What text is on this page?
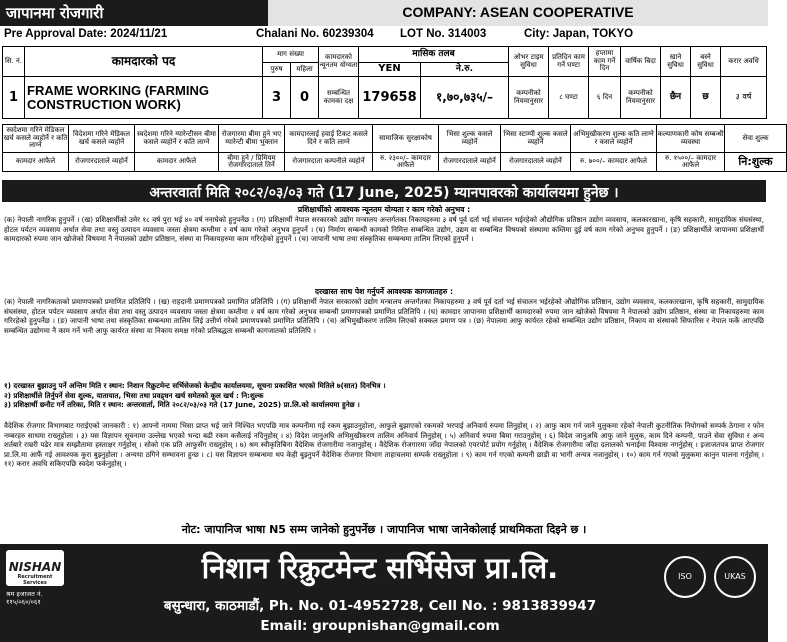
जापानमा रोजगारी	COMPANY: ASEAN COOPERATIVE
Pre Approval Date: 2024/11/21	Chalani No. 60239304 LOT No. 314003	City: Japan, TOKYO
सि. नं.	कामदारको पद	माग संख्या		कामदारको न्यूनतम योग्यता	मासिक तलब		ओभर टाइम सुविधा	प्रतिदिन काम गर्ने घण्टा	हप्तामा काम गर्ने दिन	वार्षिक बिदा	खाने सुविधा	बस्ने सुविधा	करार अवधि
		पुरुष	महिला		YEN	ने.रु.							
1	FRAME WORKING (FARMING CONSTRUCTION WORK)	3	0	सम्बन्धित कामका दक्ष	179658	१,७०,७३५/–	कम्पनीको नियमानुसार	८ घण्टा	६ दिन	कम्पनीको नियमानुसार	छैन	छ	३ वर्ष
स्वदेशमा गरिने मेडिकल खर्च कसले व्यहोर्ने र कति लाग्ने	विदेशमा गरिने मेडिकल खर्च कसले व्यहोर्ने	स्वदेशमा गरिने ग्यारेन्टीसन बीमा कसले व्यहोर्ने र कति लाग्ने	रोजगारमा बीमा हुने भए ग्यारेन्टी बीमा भुक्तान	कामदारलाई हवाई टिकट कसले दिने र कति लाग्ने	सामाजिक सुरक्षाकोष	भिसा शुल्क कसले व्यहोर्ने	भिसा स्टाम्पी शुल्क कसले व्यहोर्ने	अभिमुखीकरण शुल्क कति लाग्ने र कसले व्यहोर्ने	कल्याणकारी कोष सम्बन्धी व्यवस्था	सेवा शुल्क
कामदार आफैले	रोजगारदाताले व्यहोर्ने	कामदार आफैले	बीमा हुने / प्रिमियम रोजगारदाताले तिर्ने	रोजगारदाता कम्पनीले व्यहोर्ने	रु. २३००/– कामदार आफैले	रोजगारदाताले व्यहोर्ने	रोजगारदाताले व्यहोर्ने	रु. ७००/– कामदार आफैले	रु. १५००/– कामदार आफैले	नि:शुल्क
अन्तरवार्ता मिति २०८२/०३/०३ गते (17 June, 2025) म्यानपावरको कार्यालयमा हुनेछ ।
प्रशिक्षार्थीको आवश्यक न्यूनतम योग्यता र काम गरेको अनुभव :
(क) नेपाली नागरिक हुनुपर्ने । (ख) प्रशिक्षार्थीको उमेर १८ वर्ष पुरा भई ४० वर्ष ननाघेको हुनुपर्नेछ । (ग) प्रशिक्षार्थी नेपाल सरकारको उद्योग मन्त्रालय अन्तर्गतका निकायहरुमा ३ वर्ष पूर्व दर्ता भई संचालन भईरहेको औद्योगिक प्रतिष्ठान उद्योग व्यवसाय, कलकारखाना, कृषि सहकारी, सामुदायिक संघसंस्था, होटल पर्यटन व्यवसाय अर्थात सेवा तथा वस्तु उत्पादन व्यवसाय जस्ता क्षेत्रमा कम्तीमा २ वर्ष काम गरेको अनुभव हुनुपर्ने । (घ) निर्माण सम्बन्धी कामको निमित्त सम्बन्धित उद्योग, उद्यम वा सम्बन्धित विषयको संस्थामा कम्तिमा दुई वर्ष काम गरेको अनुभव हुनुपर्ने । (ङ) प्रशिक्षार्थीले जापानमा प्रशिक्षार्थी कामदारको रुपमा जान खोजेको विषयमा नै नेपालको उद्योग प्रतिष्ठान, संस्था वा निकायहरुमा काम गरिरहेको हुनुपर्ने । (च) जापानी भाषा तथा संस्कृतिका सम्बन्धमा तालिम लिएको हुनुपर्ने ।
दरखास्त साथ पेश गर्नुपर्ने आवश्यक कागजातहरु :
(क) नेपाली नागरिकताको प्रमाणपत्रको प्रमाणित प्रतिलिपि । (ख) राहदानी प्रमाणपत्रको प्रमाणित प्रतिलिपि । (ग) प्रशिक्षार्थी नेपाल सरकारको उद्योग मन्त्रालय अन्तर्गतका निकायहरुमा ३ वर्ष पूर्व दर्ता भई संचालन भईरहेको औद्योगिक प्रतिष्ठान, उद्योग व्यवसाय, कलकारखाना, कृषि सहकारी, सामुदायिक संघसंस्था, होटल पर्यटन व्यवसाय अर्थात सेवा तथा वस्तु उत्पादन व्यवसाय जस्ता क्षेत्रमा कम्तीमा २ वर्ष काम गरेको अनुभव सम्बन्धी प्रमाणपत्रको प्रमाणित प्रतिलिपि । (घ) कामदार जापानमा प्रशिक्षार्थी कामदारको रुपमा जान खोजेको विषयमा नै नेपालको उद्योग प्रतिष्ठान, संस्था वा निकायहरुमा काम गरिरहेको हुनुपर्नेछ । (ङ) जापानी भाषा तथा संस्कृतिका सम्बन्धमा तालिम लिई उत्तीर्ण गरेको प्रमाणपत्रको प्रमाणित प्रतिलिपि । (च) अभिमुखीकरण तालिम लिएको सक्कल प्रमाण पत्र । (छ) नेपालमा आफु कार्यरत रहेको सम्बन्धित उद्योग प्रतिष्ठान, निकाय वा संस्थाको सिफारिस र नेपाल फर्के आएपछि सम्बन्धित उद्योगमा नै काम गर्ने भनी आफु कार्यरत संस्था वा निकाय समक्ष गरेको प्रतिबद्धता सम्बन्धी कागजातको प्रतिलिपि ।
१) दरखास्त बुझाउनु पर्ने अन्तिम मिति र स्थान: निशान रिक्रुटमेन्ट सर्भिसेजको केन्द्रीय कार्यालयमा, सूचना प्रकाशित भएको मितिले ७(सात) दिनभित्र ।
२) प्रशिक्षार्थीले तिर्नुपर्ने सेवा शुल्क, यातायात, भिसा तथा प्रवद्र्धन खर्च समेतको कूल खर्च : नि:शुल्क
३) प्रशिक्षार्थी छनौट गर्ने तरिका, मिति र स्थान: अन्तरवार्ता, मिति २०८२/०३/०३ गते (17 June, 2025) प्रा.लि.को कार्यालयमा हुनेछ ।
वैदेशिक रोजगार विभागबाट गराईएको जानकारी : १) आफ्नो नाममा भिसा प्राप्त भई जाने निश्चित भएपछि मात्र कम्पनीमा गई रकम बुझाउनुहोला, आफुले बुझाएको रकमको भरपाई अनिवार्य रुपमा लिनुहोस् । २) आफु काम गर्न जाने मुलुकमा रहेको नेपाली कुटनीतिक नियोगको सम्पर्क ठेगाना र फोन नम्बरहरु साथमा राख्नुहोला । ३) यस विज्ञापन सूचनामा उल्लेख भएको भन्दा बढी रकम कसैलाई नदिनुहोस् । ४) विदेश जानुअघि अभिमुखीकरण तालिम अनिवार्य लिनुहोस् । ५) अनिवार्य रुपमा बिमा गराउनुहोस् । ६) विदेश जानुअघि आफु जाने मुलुक, काम दिने कम्पनी, पाउने सेवा सुविधा र अन्य शर्तबारे राम्ररी पढेर मात्र सम्झौतामा हस्ताक्षर गर्नुहोस् । सोको एक प्रति आफुसँग राख्नुहोस् । ७) श्रम स्वीकृतिबिना वैदेशिक रोजगारीमा नजानुहोस् । वैदेशिक रोजगारमा जाँदा नेपालको एयरपोर्ट प्रयोग गर्नुहोस् । वैदेशिक रोजगारीमा जाँदा दलालको भनाईमा विश्वास नगर्नुहोस् । इजाजतपत्र प्राप्त रोजगार प्रा.लि.मा आफैं गई आवश्यक कुरा बुझ्नुहोला । अन्यथा ठगिने सम्भावना हुन्छ । ८) यस विज्ञापन सम्बन्धमा थप केही बुझ्नुपर्ने वैदेशिक रोजगार विभाग ताहाचलमा सम्पर्क राख्नुहोला । ९) काम गर्न गएको कम्पनी छाडी वा भागी अन्यत्र नजानुहोस् । १०) काम गर्न गएको मुलुकमा कानुन पालना गर्नुहोस् । ११) करार अवधि सकिएपछि स्वदेश फर्कनुहोस् ।
नोट: जापानिज भाषा N5 सम्म जानेको हुनुपर्नेछ । जापानिज भाषा जानेकोलाई प्राथमिकता दिइने छ ।
NISHAN
Recruitment Services
श्रम इजाजत नं.
११५/०६०/०६१
निशान रिक्रुटमेन्ट सर्भिसेज प्रा.लि.
बसुन्धारा, काठमाडौं, Ph. No. 01-4952728, Cell No. : 9813839947
Email: groupnishan@gmail.com
ISO	UKAS
